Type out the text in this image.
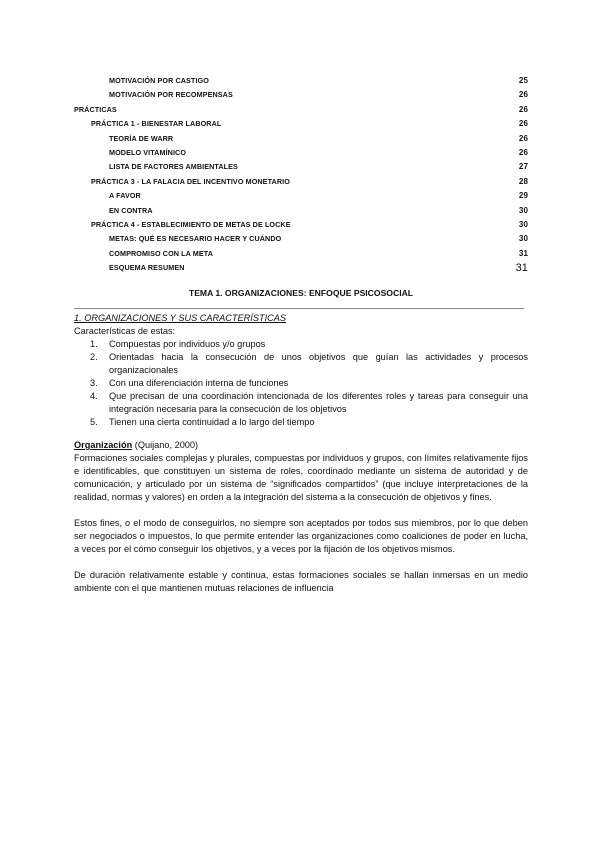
MOTIVACIÓN POR CASTIGO	25
MOTIVACIÓN POR RECOMPENSAS	26
PRÁCTICAS	26
PRÁCTICA 1 - BIENESTAR LABORAL	26
TEORÍA DE WARR	26
MODELO VITAMÍNICO	26
LISTA DE FACTORES AMBIENTALES	27
PRÁCTICA 3 - LA FALACIA DEL INCENTIVO MONETARIO	28
A FAVOR	29
EN CONTRA	30
PRÁCTICA 4 - ESTABLECIMIENTO DE METAS DE LOCKE	30
METAS: QUÉ ES NECESARIO HACER Y CUÁNDO	30
COMPROMISO CON LA META	31
ESQUEMA RESUMEN	31
TEMA 1. ORGANIZACIONES: ENFOQUE PSICOSOCIAL
1. ORGANIZACIONES Y SUS CARACTERÍSTICAS
Características de estas:
1. Compuestas por individuos y/o grupos
2. Orientadas hacia la consecución de unos objetivos que guían las actividades y procesos organizacionales
3. Con una diferenciación interna de funciones
4. Que precisan de una coordinación intencionada de los diferentes roles y tareas para conseguir una integración necesaria para la consecución de los objetivos
5. Tienen una cierta continuidad a lo largo del tiempo
Organización (Quijano, 2000)

Formaciones sociales complejas y plurales, compuestas por individuos y grupos, con límites relativamente fijos e identificables, que constituyen un sistema de roles, coordinado mediante un sistema de autoridad y de comunicación, y articulado por un sistema de “significados compartidos” (que incluye interpretaciones de la realidad, normas y valores) en orden a la integración del sistema a la consecución de objetivos y fines.

Estos fines, o el modo de conseguirlos, no siempre son aceptados por todos sus miembros, por lo que deben ser negociados o impuestos, lo que permite entender las organizaciones como coaliciones de poder en lucha, a veces por el cómo conseguir los objetivos, y a veces por la fijación de los objetivos mismos.

De duración relativamente estable y continua, estas formaciones sociales se hallan inmersas en un medio ambiente con el que mantienen mutuas relaciones de influencia
